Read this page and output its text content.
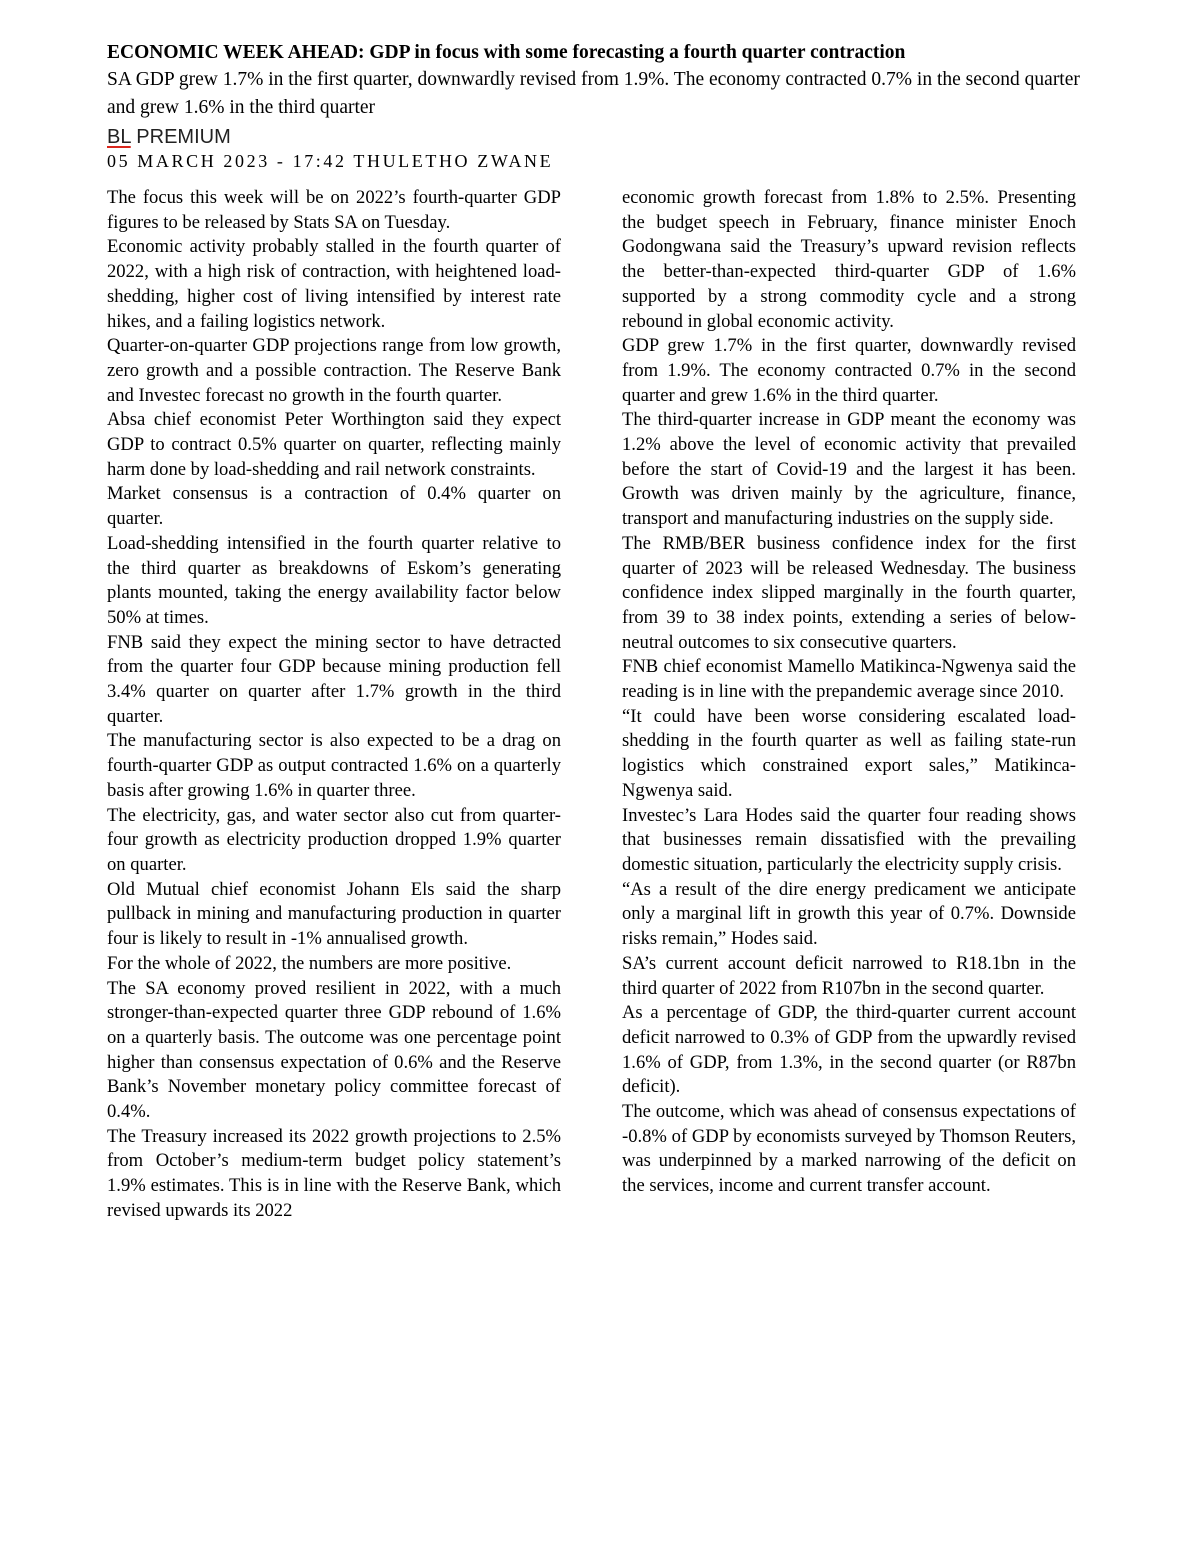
ECONOMIC WEEK AHEAD: GDP in focus with some forecasting a fourth quarter contraction

SA GDP grew 1.7% in the first quarter, downwardly revised from 1.9%. The economy contracted 0.7% in the second quarter and grew 1.6% in the third quarter

BL PREMIUM

05 MARCH 2023 - 17:42 THULETHO ZWANE

The focus this week will be on 2022’s fourth-quarter GDP figures to be released by Stats SA on Tuesday.

Economic activity probably stalled in the fourth quarter of 2022, with a high risk of contraction, with heightened load-shedding, higher cost of living intensified by interest rate hikes, and a failing logistics network.

Quarter-on-quarter GDP projections range from low growth, zero growth and a possible contraction. The Reserve Bank and Investec forecast no growth in the fourth quarter.

Absa chief economist Peter Worthington said they expect GDP to contract 0.5% quarter on quarter, reflecting mainly harm done by load-shedding and rail network constraints.

Market consensus is a contraction of 0.4% quarter on quarter.

Load-shedding intensified in the fourth quarter relative to the third quarter as breakdowns of Eskom’s generating plants mounted, taking the energy availability factor below 50% at times.

FNB said they expect the mining sector to have detracted from the quarter four GDP because mining production fell 3.4% quarter on quarter after 1.7% growth in the third quarter.

The manufacturing sector is also expected to be a drag on fourth-quarter GDP as output contracted 1.6% on a quarterly basis after growing 1.6% in quarter three.

The electricity, gas, and water sector also cut from quarter-four growth as electricity production dropped 1.9% quarter on quarter.

Old Mutual chief economist Johann Els said the sharp pullback in mining and manufacturing production in quarter four is likely to result in -1% annualised growth.

For the whole of 2022, the numbers are more positive.

The SA economy proved resilient in 2022, with a much stronger-than-expected quarter three GDP rebound of 1.6% on a quarterly basis. The outcome was one percentage point higher than consensus expectation of 0.6% and the Reserve Bank’s November monetary policy committee forecast of 0.4%.

The Treasury increased its 2022 growth projections to 2.5% from October’s medium-term budget policy statement’s 1.9% estimates. This is in line with the Reserve Bank, which revised upwards its 2022

economic growth forecast from 1.8% to 2.5%. Presenting the budget speech in February, finance minister Enoch Godongwana said the Treasury’s upward revision reflects the better-than-expected third-quarter GDP of 1.6% supported by a strong commodity cycle and a strong rebound in global economic activity.

GDP grew 1.7% in the first quarter, downwardly revised from 1.9%. The economy contracted 0.7% in the second quarter and grew 1.6% in the third quarter.

The third-quarter increase in GDP meant the economy was 1.2% above the level of economic activity that prevailed before the start of Covid-19 and the largest it has been. Growth was driven mainly by the agriculture, finance, transport and manufacturing industries on the supply side.

The RMB/BER business confidence index for the first quarter of 2023 will be released Wednesday. The business confidence index slipped marginally in the fourth quarter, from 39 to 38 index points, extending a series of below-neutral outcomes to six consecutive quarters.

FNB chief economist Mamello Matikinca-Ngwenya said the reading is in line with the prepandemic average since 2010.

“It could have been worse considering escalated load-shedding in the fourth quarter as well as failing state-run logistics which constrained export sales,” Matikinca-Ngwenya said.

Investec’s Lara Hodes said the quarter four reading shows that businesses remain dissatisfied with the prevailing domestic situation, particularly the electricity supply crisis.

“As a result of the dire energy predicament we anticipate only a marginal lift in growth this year of 0.7%. Downside risks remain,” Hodes said.

SA’s current account deficit narrowed to R18.1bn in the third quarter of 2022 from R107bn in the second quarter.

As a percentage of GDP, the third-quarter current account deficit narrowed to 0.3% of GDP from the upwardly revised 1.6% of GDP, from 1.3%, in the second quarter (or R87bn deficit).

The outcome, which was ahead of consensus expectations of -0.8% of GDP by economists surveyed by Thomson Reuters, was underpinned by a marked narrowing of the deficit on the services, income and current transfer account.
